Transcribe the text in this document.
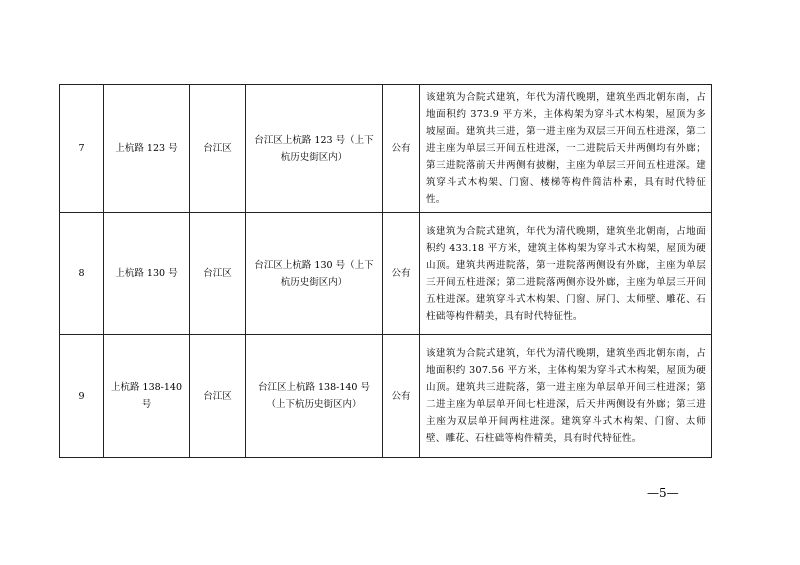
7	上杭路 123 号	台江区	台江区上杭路 123 号（上下杭历史街区内）	公有	该建筑为合院式建筑，年代为清代晚期，建筑坐西北朝东南，占地面积约 373.9 平方米，主体构架为穿斗式木构架，屋顶为多坡屋面。建筑共三进，第一进主座为双层三开间五柱进深，第二进主座为单层三开间五柱进深，一二进院后天井两侧均有外廊；第三进院落前天井两侧有披榭，主座为单层三开间五柱进深。建筑穿斗式木构架、门窗、楼梯等构件简洁朴素，具有时代特征性。

8	上杭路 130 号	台江区	台江区上杭路 130 号（上下杭历史街区内）	公有	该建筑为合院式建筑，年代为清代晚期，建筑坐北朝南，占地面积约 433.18 平方米，建筑主体构架为穿斗式木构架，屋顶为硬山顶。建筑共两进院落，第一进院落两侧设有外廊，主座为单层三开间五柱进深；第二进院落两侧亦设外廊，主座为单层三开间五柱进深。建筑穿斗式木构架、门窗、屏门、太师壁、雕花、石柱础等构件精美，具有时代特征性。

9	上杭路 138-140 号	台江区	台江区上杭路 138-140 号（上下杭历史街区内）	公有	该建筑为合院式建筑，年代为清代晚期，建筑坐西北朝东南，占地面积约 307.56 平方米，主体构架为穿斗式木构架，屋顶为硬山顶。建筑共三进院落，第一进主座为单层单开间三柱进深；第二进主座为单层单开间七柱进深，后天井两侧设有外廊；第三进主座为双层单开间两柱进深。建筑穿斗式木构架、门窗、太师壁、雕花、石柱础等构件精美，具有时代特征性。
—5—
